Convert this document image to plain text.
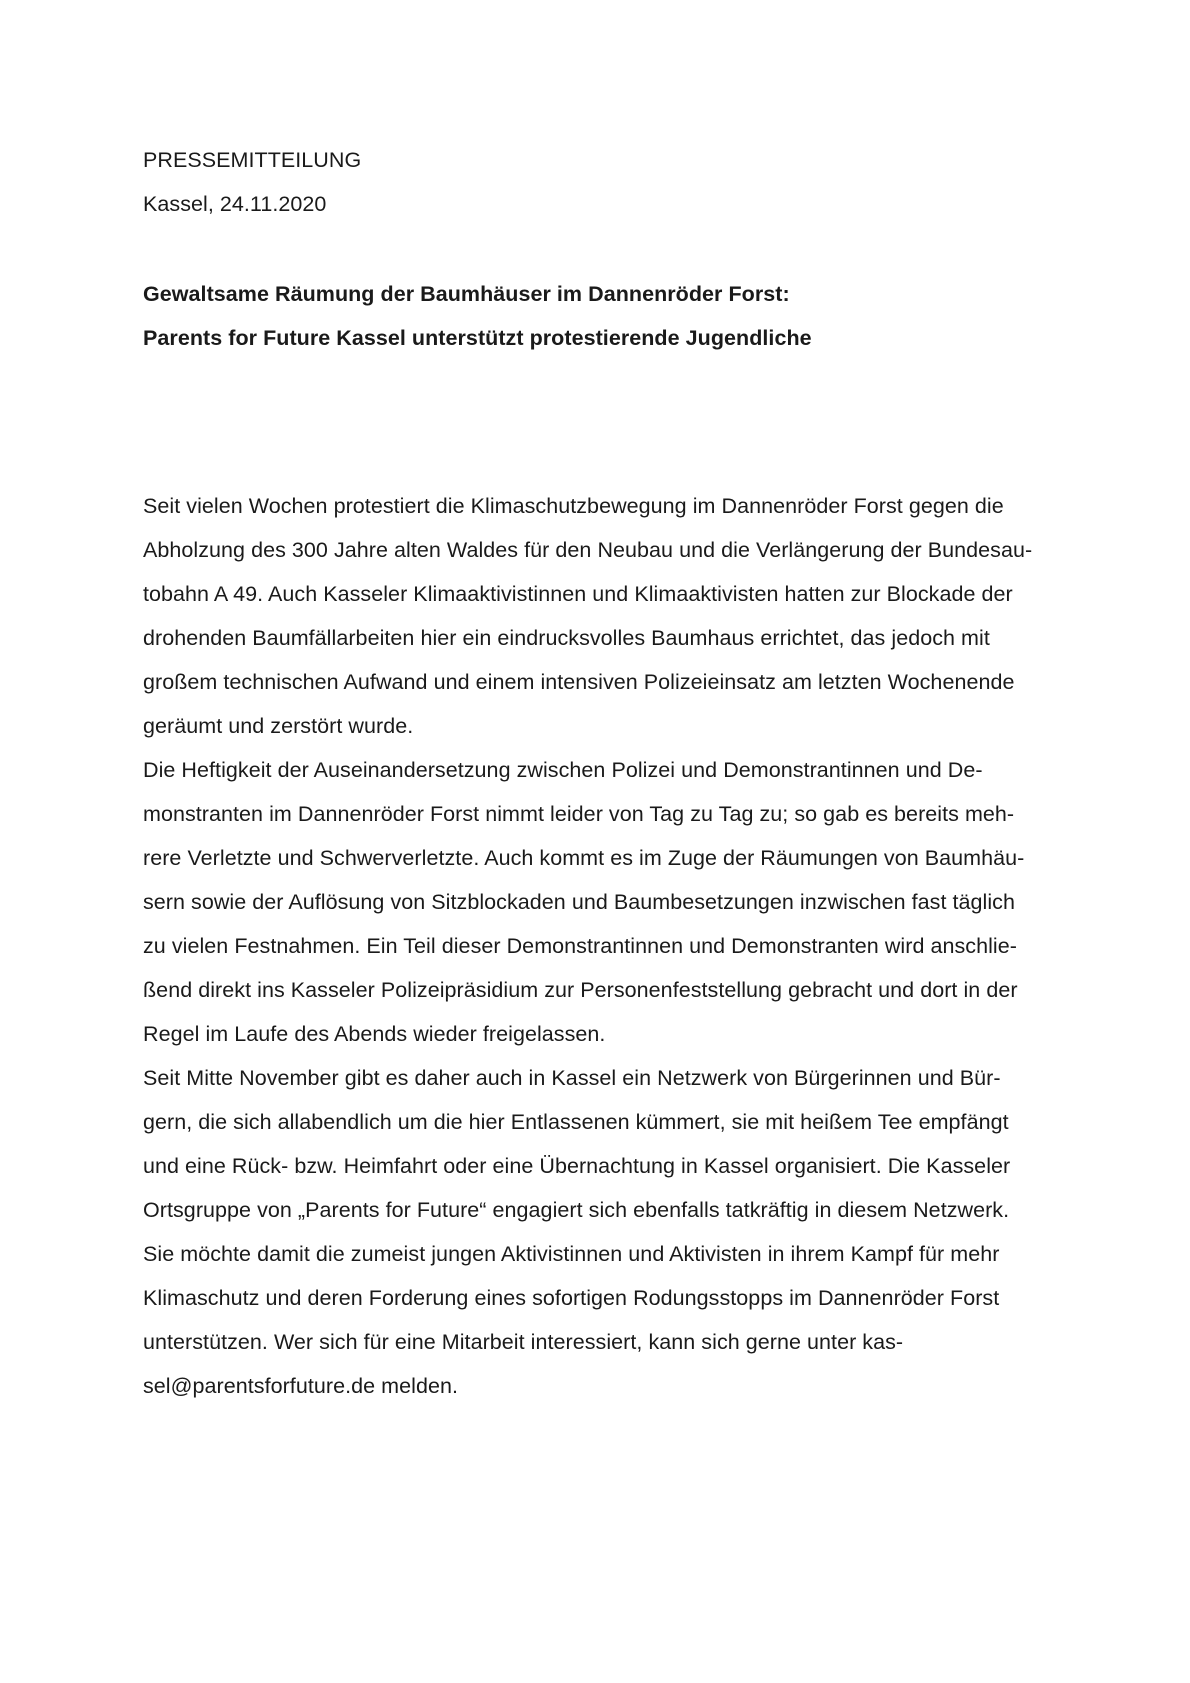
PRESSEMITTEILUNG
Kassel, 24.11.2020
Gewaltsame Räumung der Baumhäuser im Dannenröder Forst:
Parents for Future Kassel unterstützt protestierende Jugendliche
Seit vielen Wochen protestiert die Klimaschutzbewegung im Dannenröder Forst gegen die
Abholzung des 300 Jahre alten Waldes für den Neubau und die Verlängerung der Bundesau-
tobahn A 49. Auch Kasseler Klimaaktivistinnen und Klimaaktivisten hatten zur Blockade der
drohenden Baumfällarbeiten hier ein eindrucksvolles Baumhaus errichtet, das jedoch mit
großem technischen Aufwand und einem intensiven Polizeieinsatz am letzten Wochenende
geräumt und zerstört wurde.
Die Heftigkeit der Auseinandersetzung zwischen Polizei und Demonstrantinnen und De-
monstranten im Dannenröder Forst nimmt leider von Tag zu Tag zu; so gab es bereits meh-
rere Verletzte und Schwerverletzte. Auch kommt es im Zuge der Räumungen von Baumhäu-
sern sowie der Auflösung von Sitzblockaden und Baumbesetzungen inzwischen fast täglich
zu vielen Festnahmen. Ein Teil dieser Demonstrantinnen und Demonstranten wird anschlie-
ßend direkt ins Kasseler Polizeipräsidium zur Personenfeststellung gebracht und dort in der
Regel im Laufe des Abends wieder freigelassen.
Seit Mitte November gibt es daher auch in Kassel ein Netzwerk von Bürgerinnen und Bür-
gern, die sich allabendlich um die hier Entlassenen kümmert, sie mit heißem Tee empfängt
und eine Rück- bzw. Heimfahrt oder eine Übernachtung in Kassel organisiert. Die Kasseler
Ortsgruppe von „Parents for Future“ engagiert sich ebenfalls tatkräftig in diesem Netzwerk.
Sie möchte damit die zumeist jungen Aktivistinnen und Aktivisten in ihrem Kampf für mehr
Klimaschutz und deren Forderung eines sofortigen Rodungsstopps im Dannenröder Forst
unterstützen. Wer sich für eine Mitarbeit interessiert, kann sich gerne unter kas-
sel@parentsforfuture.de melden.
